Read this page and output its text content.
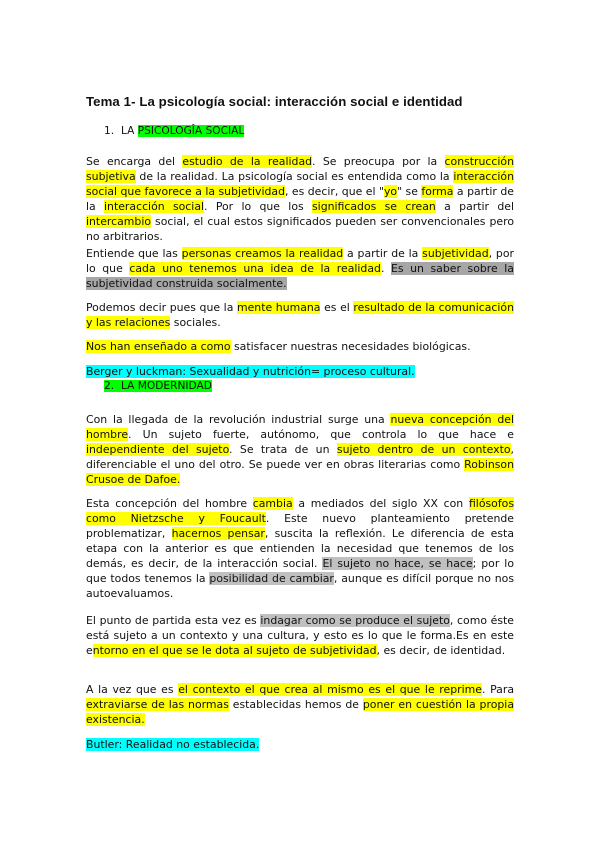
Tema 1- La psicología social: interacción social e identidad
1. LA PSICOLOGÎA SOCIAL

Se encarga del estudio de la realidad. Se preocupa por la construcción subjetiva de la realidad. La psicología social es entendida como la interacción social que favorece a la subjetividad, es decir, que el "yo" se forma a partir de la interacción social. Por lo que los significados se crean a partir del intercambio social, el cual estos significados pueden ser convencionales pero no arbitrarios.

Entiende que las personas creamos la realidad a partir de la subjetividad, por lo que cada uno tenemos una idea de la realidad. Es un saber sobre la subjetividad construida socialmente.

Podemos decir pues que la mente humana es el resultado de la comunicación y las relaciones sociales.

Nos han enseñado a como satisfacer nuestras necesidades biológicas.

Berger y luckman: Sexualidad y nutrición= proceso cultural.

2. LA MODERNIDAD

Con la llegada de la revolución industrial surge una nueva concepción del hombre. Un sujeto fuerte, autónomo, que controla lo que hace e independiente del sujeto. Se trata de un sujeto dentro de un contexto, diferenciable el uno del otro. Se puede ver en obras literarias como Robinson Crusoe de Dafoe.

Esta concepción del hombre cambia a mediados del siglo XX con filósofos como Nietzsche y Foucault. Este nuevo planteamiento pretende problematizar, hacernos pensar, suscita la reflexión. Le diferencia de esta etapa con la anterior es que entienden la necesidad que tenemos de los demás, es decir, de la interacción social. El sujeto no hace, se hace; por lo que todos tenemos la posibilidad de cambiar, aunque es difícil porque no nos autoevaluamos.

El punto de partida esta vez es indagar como se produce el sujeto, como éste está sujeto a un contexto y una cultura, y esto es lo que le forma.Es en este entorno en el que se le dota al sujeto de subjetividad, es decir, de identidad.

A la vez que es el contexto el que crea al mismo es el que le reprime. Para extraviarse de las normas establecidas hemos de poner en cuestión la propia existencia.

Butler: Realidad no establecida.
